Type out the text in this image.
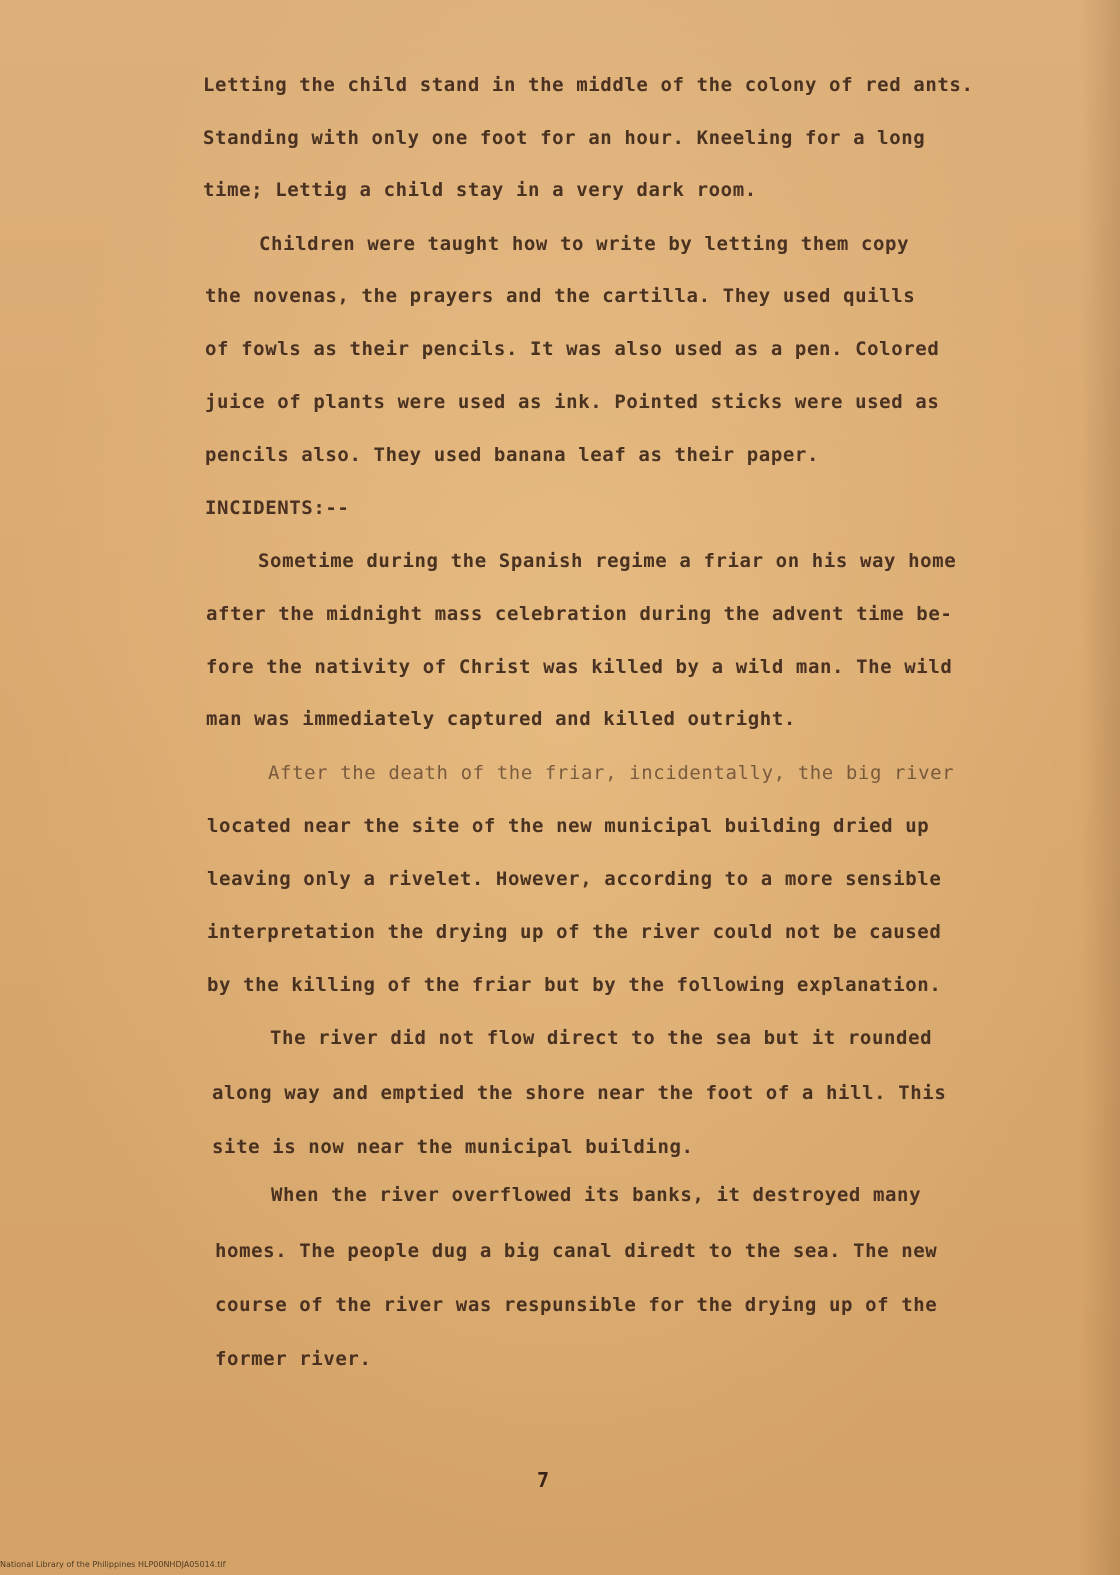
Letting the child stand in the middle of the colony of red ants.
Standing with only one foot for an hour. Kneeling for a long
time; Lettig a child stay in a very dark room.
Children were taught how to write by letting them copy
the novenas, the prayers and the cartilla. They used quills
of fowls as their pencils. It was also used as a pen. Colored
juice of plants were used as ink. Pointed sticks were used as
pencils also. They used banana leaf as their paper.
INCIDENTS:--
Sometime during the Spanish regime a friar on his way home
after the midnight mass celebration during the advent time be-
fore the nativity of Christ was killed by a wild man. The wild
man was immediately captured and killed outright.
After the death of the friar, incidentally, the big river
located near the site of the new municipal building dried up
leaving only a rivelet. However, according to a more sensible
interpretation the drying up of the river could not be caused
by the killing of the friar but by the following explanation.
The river did not flow direct to the sea but it rounded
along way and emptied the shore near the foot of a hill. This
site is now near the municipal building.
When the river overflowed its banks, it destroyed many
homes. The people dug a big canal diredt to the sea. The new
course of the river was respunsible for the drying up of the
former river.
7
National Library of the Philippines HLP00NHDJA05014.tif
